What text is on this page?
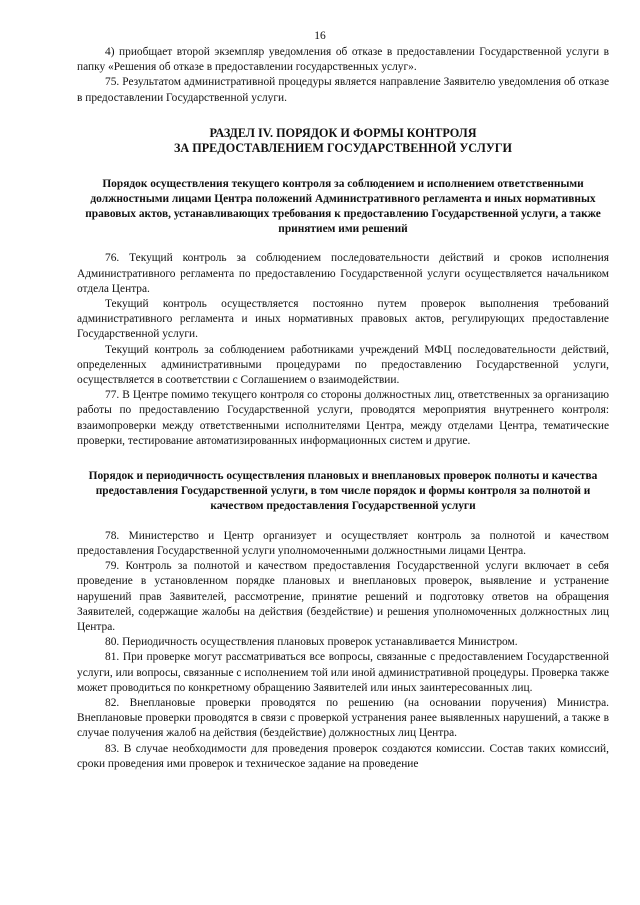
16

4) приобщает второй экземпляр уведомления об отказе в предоставлении Государственной услуги в папку «Решения об отказе в предоставлении государственных услуг».

75. Результатом административной процедуры является направление Заявителю уведомления об отказе в предоставлении Государственной услуги.

РАЗДЕЛ IV. ПОРЯДОК И ФОРМЫ КОНТРОЛЯ
ЗА ПРЕДОСТАВЛЕНИЕМ ГОСУДАРСТВЕННОЙ УСЛУГИ
Порядок осуществления текущего контроля за соблюдением и исполнением ответственными должностными лицами Центра положений Административного регламента и иных нормативных правовых актов, устанавливающих требования к предоставлению Государственной услуги, а также принятием ими решений

76. Текущий контроль за соблюдением последовательности действий и сроков исполнения Административного регламента по предоставлению Государственной услуги осуществляется начальником отдела Центра.

Текущий контроль осуществляется постоянно путем проверок выполнения требований административного регламента и иных нормативных правовых актов, регулирующих предоставление Государственной услуги.

Текущий контроль за соблюдением работниками учреждений МФЦ последовательности действий, определенных административными процедурами по предоставлению Государственной услуги, осуществляется в соответствии с Соглашением о взаимодействии.

77. В Центре помимо текущего контроля со стороны должностных лиц, ответственных за организацию работы по предоставлению Государственной услуги, проводятся мероприятия внутреннего контроля: взаимопроверки между ответственными исполнителями Центра, между отделами Центра, тематические проверки, тестирование автоматизированных информационных систем и другие.

Порядок и периодичность осуществления плановых и внеплановых проверок полноты и качества предоставления Государственной услуги, в том числе порядок и формы контроля за полнотой и качеством предоставления Государственной услуги

78. Министерство и Центр организует и осуществляет контроль за полнотой и качеством предоставления Государственной услуги уполномоченными должностными лицами Центра.

79. Контроль за полнотой и качеством предоставления Государственной услуги включает в себя проведение в установленном порядке плановых и внеплановых проверок, выявление и устранение нарушений прав Заявителей, рассмотрение, принятие решений и подготовку ответов на обращения Заявителей, содержащие жалобы на действия (бездействие) и решения уполномоченных должностных лиц Центра.

80. Периодичность осуществления плановых проверок устанавливается Министром.

81. При проверке могут рассматриваться все вопросы, связанные с предоставлением Государственной услуги, или вопросы, связанные с исполнением той или иной административной процедуры. Проверка также может проводиться по конкретному обращению Заявителей или иных заинтересованных лиц.

82. Внеплановые проверки проводятся по решению (на основании поручения) Министра. Внеплановые проверки проводятся в связи с проверкой устранения ранее выявленных нарушений, а также в случае получения жалоб на действия (бездействие) должностных лиц Центра.

83. В случае необходимости для проведения проверок создаются комиссии. Состав таких комиссий, сроки проведения ими проверок и техническое задание на проведение
